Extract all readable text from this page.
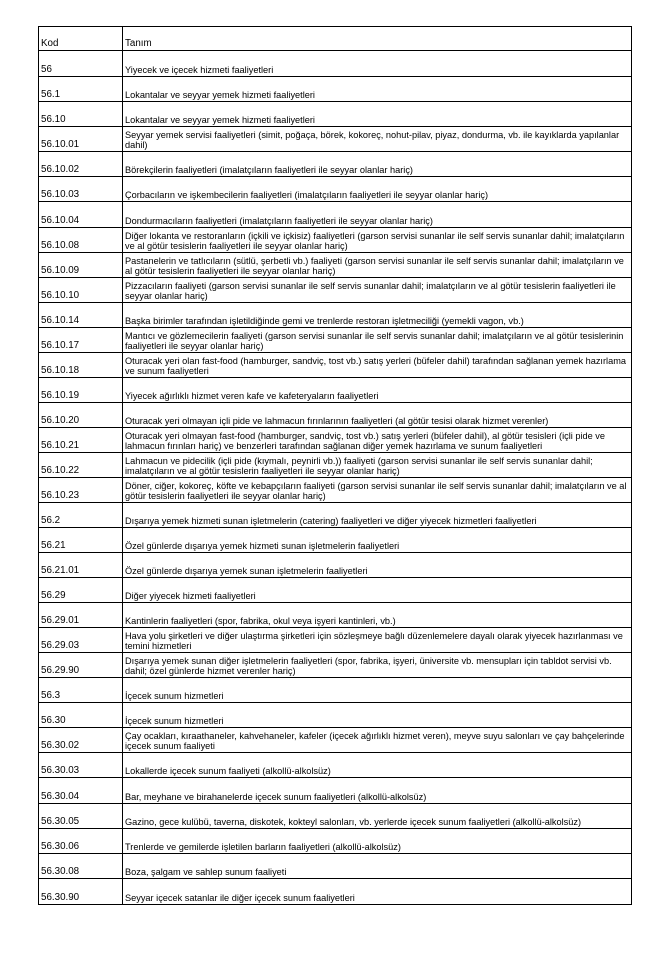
Kod	Tanım
56	Yiyecek ve içecek hizmeti faaliyetleri
56.1	Lokantalar ve seyyar yemek hizmeti faaliyetleri
56.10	Lokantalar ve seyyar yemek hizmeti faaliyetleri
56.10.01	Seyyar yemek servisi faaliyetleri (simit, poğaça, börek, kokoreç, nohut-pilav, piyaz, dondurma, vb. ile kayıklarda yapılanlar dahil)
56.10.02	Börekçilerin faaliyetleri (imalatçıların faaliyetleri ile seyyar olanlar hariç)
56.10.03	Çorbacıların ve işkembecilerin faaliyetleri (imalatçıların faaliyetleri ile seyyar olanlar hariç)
56.10.04	Dondurmacıların faaliyetleri (imalatçıların faaliyetleri ile seyyar olanlar hariç)
56.10.08	Diğer lokanta ve restoranların (içkili ve içkisiz) faaliyetleri (garson servisi sunanlar ile self servis sunanlar dahil; imalatçıların ve al götür tesislerin faaliyetleri ile seyyar olanlar hariç)
56.10.09	Pastanelerin ve tatlıcıların (sütlü, şerbetli vb.) faaliyeti (garson servisi sunanlar ile self servis sunanlar dahil; imalatçıların ve al götür tesislerin faaliyetleri ile seyyar olanlar hariç)
56.10.10	Pizzacıların faaliyeti (garson servisi sunanlar ile self servis sunanlar dahil; imalatçıların ve al götür tesislerin faaliyetleri ile seyyar olanlar hariç)
56.10.14	Başka birimler tarafından işletildiğinde gemi ve trenlerde restoran işletmeciliği (yemekli vagon, vb.)
56.10.17	Mantıcı ve gözlemecilerin faaliyeti (garson servisi sunanlar ile self servis sunanlar dahil; imalatçıların ve al götür tesislerinin faaliyetleri ile seyyar olanlar hariç)
56.10.18	Oturacak yeri olan fast-food (hamburger, sandviç, tost vb.) satış yerleri (büfeler dahil) tarafından sağlanan yemek hazırlama ve sunum faaliyetleri
56.10.19	Yiyecek ağırlıklı hizmet veren kafe ve kafeteryaların faaliyetleri
56.10.20	Oturacak yeri olmayan içli pide ve lahmacun fırınlarının faaliyetleri (al götür tesisi olarak hizmet verenler)
56.10.21	Oturacak yeri olmayan fast-food (hamburger, sandviç, tost vb.) satış yerleri (büfeler dahil), al götür tesisleri (içli pide ve lahmacun fırınları hariç) ve benzerleri tarafından sağlanan diğer yemek hazırlama ve sunum faaliyetleri
56.10.22	Lahmacun ve pidecilik (içli pide (kıymalı, peynirli vb.)) faaliyeti (garson servisi sunanlar ile self servis sunanlar dahil; imalatçıların ve al götür tesislerin faaliyetleri ile seyyar olanlar hariç)
56.10.23	Döner, ciğer, kokoreç, köfte ve kebapçıların faaliyeti (garson servisi sunanlar ile self servis sunanlar dahil; imalatçıların ve al götür tesislerin faaliyetleri ile seyyar olanlar hariç)
56.2	Dışarıya yemek hizmeti sunan işletmelerin (catering) faaliyetleri ve diğer yiyecek hizmetleri faaliyetleri
56.21	Özel günlerde dışarıya yemek hizmeti sunan işletmelerin faaliyetleri
56.21.01	Özel günlerde dışarıya yemek sunan işletmelerin faaliyetleri
56.29	Diğer yiyecek hizmeti faaliyetleri
56.29.01	Kantinlerin faaliyetleri (spor, fabrika, okul veya işyeri kantinleri, vb.)
56.29.03	Hava yolu şirketleri ve diğer ulaştırma şirketleri için sözleşmeye bağlı düzenlemelere dayalı olarak yiyecek hazırlanması ve temini hizmetleri
56.29.90	Dışarıya yemek sunan diğer işletmelerin faaliyetleri (spor, fabrika, işyeri, üniversite vb. mensupları için tabldot servisi vb. dahil; özel günlerde hizmet verenler hariç)
56.3	İçecek sunum hizmetleri
56.30	İçecek sunum hizmetleri
56.30.02	Çay ocakları, kıraathaneler, kahvehaneler, kafeler (içecek ağırlıklı hizmet veren), meyve suyu salonları ve çay bahçelerinde içecek sunum faaliyeti
56.30.03	Lokallerde içecek sunum faaliyeti (alkollü-alkolsüz)
56.30.04	Bar, meyhane ve birahanelerde içecek sunum faaliyetleri (alkollü-alkolsüz)
56.30.05	Gazino, gece kulübü, taverna, diskotek, kokteyl salonları, vb. yerlerde içecek sunum faaliyetleri (alkollü-alkolsüz)
56.30.06	Trenlerde ve gemilerde işletilen barların faaliyetleri (alkollü-alkolsüz)
56.30.08	Boza, şalgam ve sahlep sunum faaliyeti
56.30.90	Seyyar içecek satanlar ile diğer içecek sunum faaliyetleri
